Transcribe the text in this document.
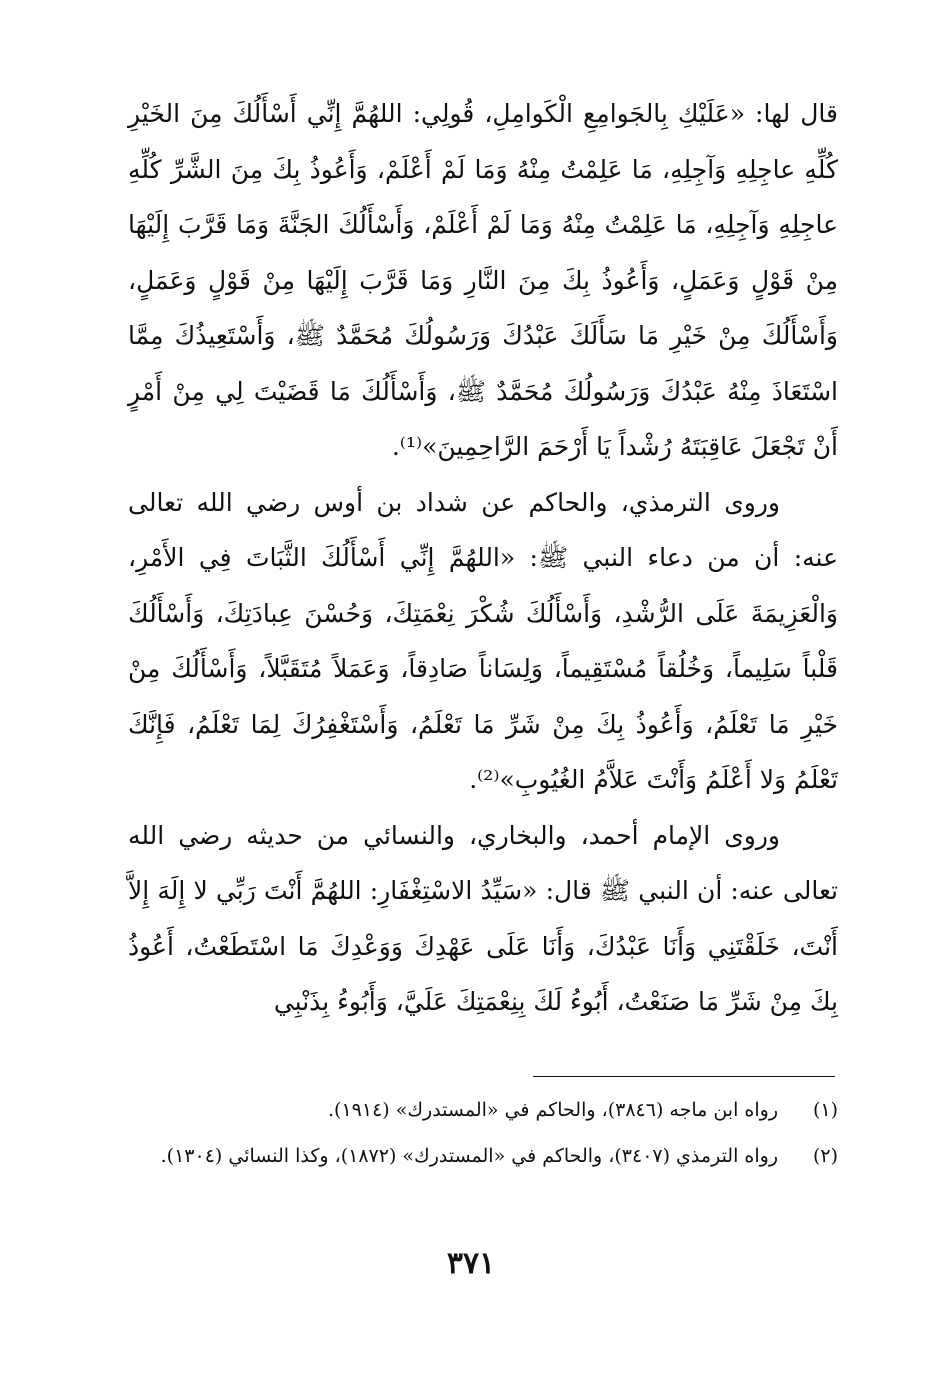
قال لها: «عَلَيْكِ بِالجَوامِعِ الْكَوامِلِ، قُولِي: اللهُمَّ إِنِّي أَسْأَلُكَ مِنَ الخَيْرِ كُلِّهِ عاجِلِهِ وَآجِلِهِ، مَا عَلِمْتُ مِنْهُ وَمَا لَمْ أَعْلَمْ، وَأَعُوذُ بِكَ مِنَ الشَّرِّ كُلِّهِ عاجِلِهِ وَآجِلِهِ، مَا عَلِمْتُ مِنْهُ وَمَا لَمْ أَعْلَمْ، وَأَسْأَلُكَ الجَنَّةَ وَمَا قَرَّبَ إِلَيْهَا مِنْ قَوْلٍ وَعَمَلٍ، وَأَعُوذُ بِكَ مِنَ النَّارِ وَمَا قَرَّبَ إِلَيْهَا مِنْ قَوْلٍ وَعَمَلٍ، وَأَسْأَلُكَ مِنْ خَيْرِ مَا سَأَلَكَ عَبْدُكَ وَرَسُولُكَ مُحَمَّدٌ ﷺ، وَأَسْتَعِيذُكَ مِمَّا اسْتَعَاذَ مِنْهُ عَبْدُكَ وَرَسُولُكَ مُحَمَّدٌ ﷺ، وَأَسْأَلُكَ مَا قَضَيْتَ لِي مِنْ أَمْرٍ أَنْ تَجْعَلَ عَاقِبَتَهُ رُشْداً يَا أَرْحَمَ الرَّاحِمِينَ»⁽¹⁾.

وروى الترمذي، والحاكم عن شداد بن أوس رضي الله تعالى عنه: أن من دعاء النبي ﷺ: «اللهُمَّ إِنِّي أَسْأَلُكَ الثَّبَاتَ فِي الأَمْرِ، وَالْعَزِيمَةَ عَلَى الرُّشْدِ، وَأَسْأَلُكَ شُكْرَ نِعْمَتِكَ، وَحُسْنَ عِبادَتِكَ، وَأَسْأَلُكَ قَلْباً سَلِيماً، وَخُلُقاً مُسْتَقِيماً، وَلِسَاناً صَادِقاً، وَعَمَلاً مُتَقَبَّلاً، وَأَسْأَلُكَ مِنْ خَيْرِ مَا تَعْلَمُ، وَأَعُوذُ بِكَ مِنْ شَرِّ مَا تَعْلَمُ، وَأَسْتَغْفِرُكَ لِمَا تَعْلَمُ، فَإِنَّكَ تَعْلَمُ وَلا أَعْلَمُ وَأَنْتَ عَلاَّمُ الغُيُوبِ»⁽²⁾.

وروى الإمام أحمد، والبخاري، والنسائي من حديثه رضي الله تعالى عنه: أن النبي ﷺ قال: «سَيِّدُ الاسْتِغْفَارِ: اللهُمَّ أَنْتَ رَبِّي لا إِلَهَ إِلاَّ أَنْتَ، خَلَقْتَنِي وَأَنَا عَبْدُكَ، وَأَنَا عَلَى عَهْدِكَ وَوَعْدِكَ مَا اسْتَطَعْتُ، أَعُوذُ بِكَ مِنْ شَرِّ مَا صَنَعْتُ، أَبُوءُ لَكَ بِنِعْمَتِكَ عَلَيَّ، وَأَبُوءُ بِذَنْبِي

(١)
رواه ابن ماجه (٣٨٤٦)، والحاكم في «المستدرك» (١٩١٤).
(٢)
رواه الترمذي (٣٤٠٧)، والحاكم في «المستدرك» (١٨٧٢)، وكذا النسائي (١٣٠٤).
٣٧١
